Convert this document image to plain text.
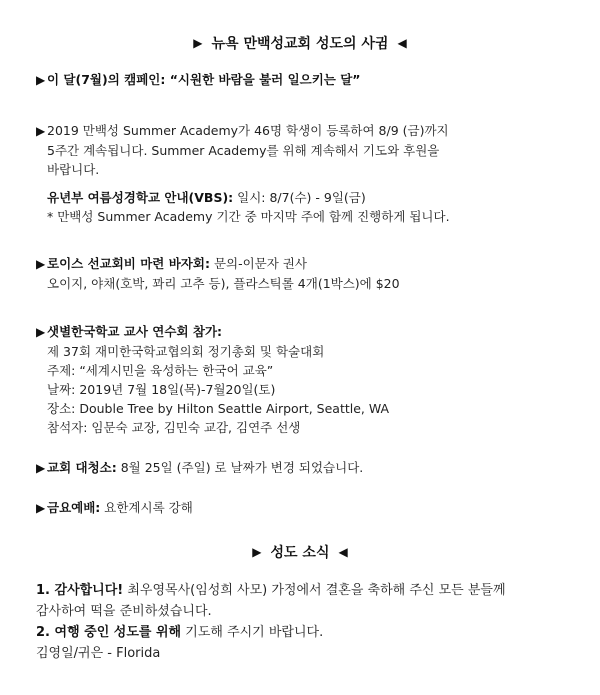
▶ 뉴욕 만백성교회 성도의 사귐 ◀
▶ 이 달(7월)의 캠페인: “시원한 바람을 불러 일으키는 달”
▶ 2019 만백성 Summer Academy가 46명 학생이 등록하여 8/9 (금)까지
5주간 계속됩니다. Summer Academy를 위해 계속해서 기도와 후원을
바랍니다.
유년부 여름성경학교 안내(VBS): 일시: 8/7(수) - 9일(금)
* 만백성 Summer Academy 기간 중 마지막 주에 함께 진행하게 됩니다.
▶ 로이스 선교회비 마련 바자회: 문의-이문자 권사
오이지, 야채(호박, 꽈리 고추 등), 플라스틱롤 4개(1박스)에 $20
▶ 샛별한국학교 교사 연수회 참가:
제 37회 재미한국학교협의회 정기총회 및 학술대회
주제: “세계시민을 육성하는 한국어 교육”
날짜: 2019년 7월 18일(목)-7월20일(토)
장소: Double Tree by Hilton Seattle Airport, Seattle, WA
참석자: 임문숙 교장, 김민숙 교감, 김연주 선생
▶ 교회 대청소: 8월 25일 (주일) 로 날짜가 변경 되었습니다.
▶ 금요예배: 요한계시록 강해
▶ 성도 소식 ◀
1. 감사합니다! 최우영목사(임성희 사모) 가정에서 결혼을 축하해 주신 모든 분들께
감사하여 떡을 준비하셨습니다.
2. 여행 중인 성도를 위해 기도해 주시기 바랍니다.
김영일/귀은 - Florida
